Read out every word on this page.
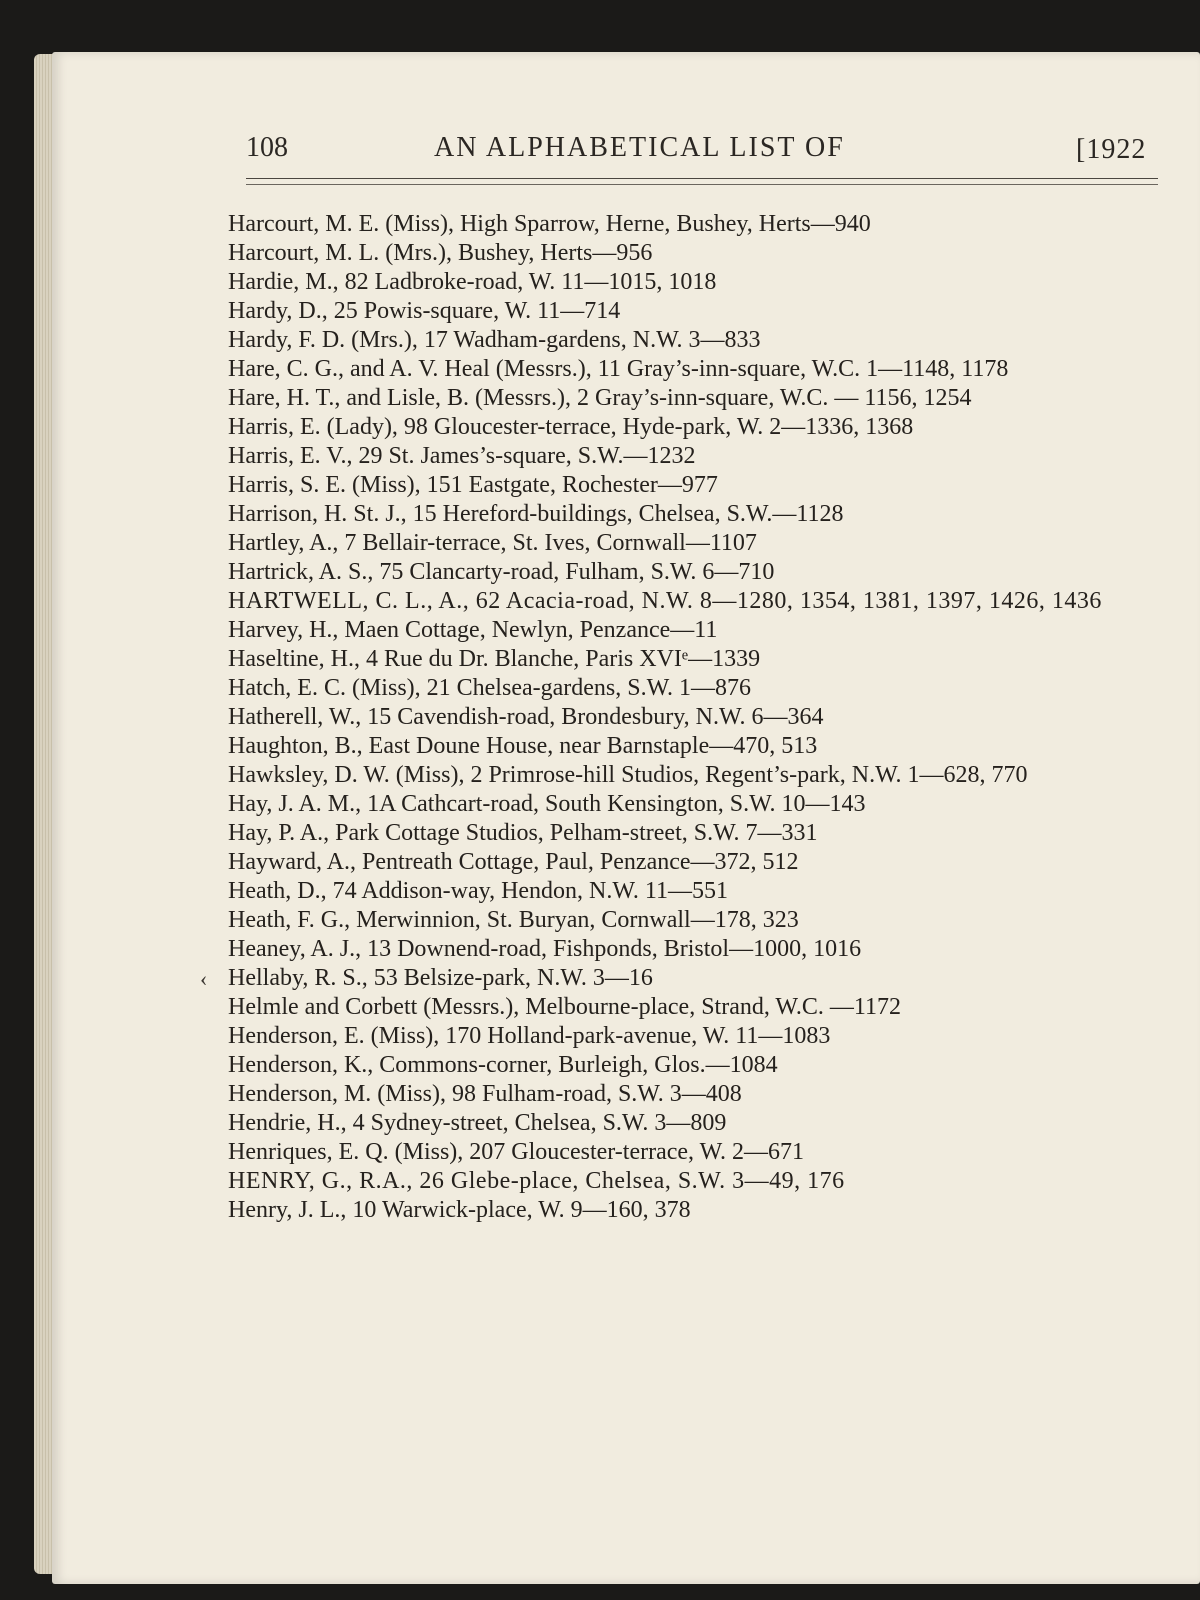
108	AN ALPHABETICAL LIST OF	[1922
‹

Harcourt, M. E. (Miss), High Sparrow, Herne, Bushey, Herts—940

Harcourt, M. L. (Mrs.), Bushey, Herts—956

Hardie, M., 82 Ladbroke-road, W. 11—1015, 1018

Hardy, D., 25 Powis-square, W. 11—714

Hardy, F. D. (Mrs.), 17 Wadham-gardens, N.W. 3—833

Hare, C. G., and A. V. Heal (Messrs.), 11 Gray’s-inn-square, W.C. 1—1148, 1178

Hare, H. T., and Lisle, B. (Messrs.), 2 Gray’s-inn-square, W.C. — 1156, 1254

Harris, E. (Lady), 98 Gloucester-terrace, Hyde-park, W. 2—1336, 1368

Harris, E. V., 29 St. James’s-square, S.W.—1232

Harris, S. E. (Miss), 151 Eastgate, Rochester—977

Harrison, H. St. J., 15 Hereford-buildings, Chelsea, S.W.—1128

Hartley, A., 7 Bellair-terrace, St. Ives, Cornwall—1107

Hartrick, A. S., 75 Clancarty-road, Fulham, S.W. 6—710

HARTWELL, C. L., A., 62 Acacia-road, N.W. 8—1280, 1354, 1381, 1397, 1426, 1436

Harvey, H., Maen Cottage, Newlyn, Penzance—11

Haseltine, H., 4 Rue du Dr. Blanche, Paris XVIᵉ—1339

Hatch, E. C. (Miss), 21 Chelsea-gardens, S.W. 1—876

Hatherell, W., 15 Cavendish-road, Brondesbury, N.W. 6—364

Haughton, B., East Doune House, near Barnstaple—470, 513

Hawksley, D. W. (Miss), 2 Primrose-hill Studios, Regent’s-park, N.W. 1—628, 770

Hay, J. A. M., 1A Cathcart-road, South Kensington, S.W. 10—143

Hay, P. A., Park Cottage Studios, Pelham-street, S.W. 7—331

Hayward, A., Pentreath Cottage, Paul, Penzance—372, 512

Heath, D., 74 Addison-way, Hendon, N.W. 11—551

Heath, F. G., Merwinnion, St. Buryan, Cornwall—178, 323

Heaney, A. J., 13 Downend-road, Fishponds, Bristol—1000, 1016

Hellaby, R. S., 53 Belsize-park, N.W. 3—16

Helmle and Corbett (Messrs.), Melbourne-place, Strand, W.C. —1172

Henderson, E. (Miss), 170 Holland-park-avenue, W. 11—1083

Henderson, K., Commons-corner, Burleigh, Glos.—1084

Henderson, M. (Miss), 98 Fulham-road, S.W. 3—408

Hendrie, H., 4 Sydney-street, Chelsea, S.W. 3—809

Henriques, E. Q. (Miss), 207 Gloucester-terrace, W. 2—671

HENRY, G., R.A., 26 Glebe-place, Chelsea, S.W. 3—49, 176

Henry, J. L., 10 Warwick-place, W. 9—160, 378
